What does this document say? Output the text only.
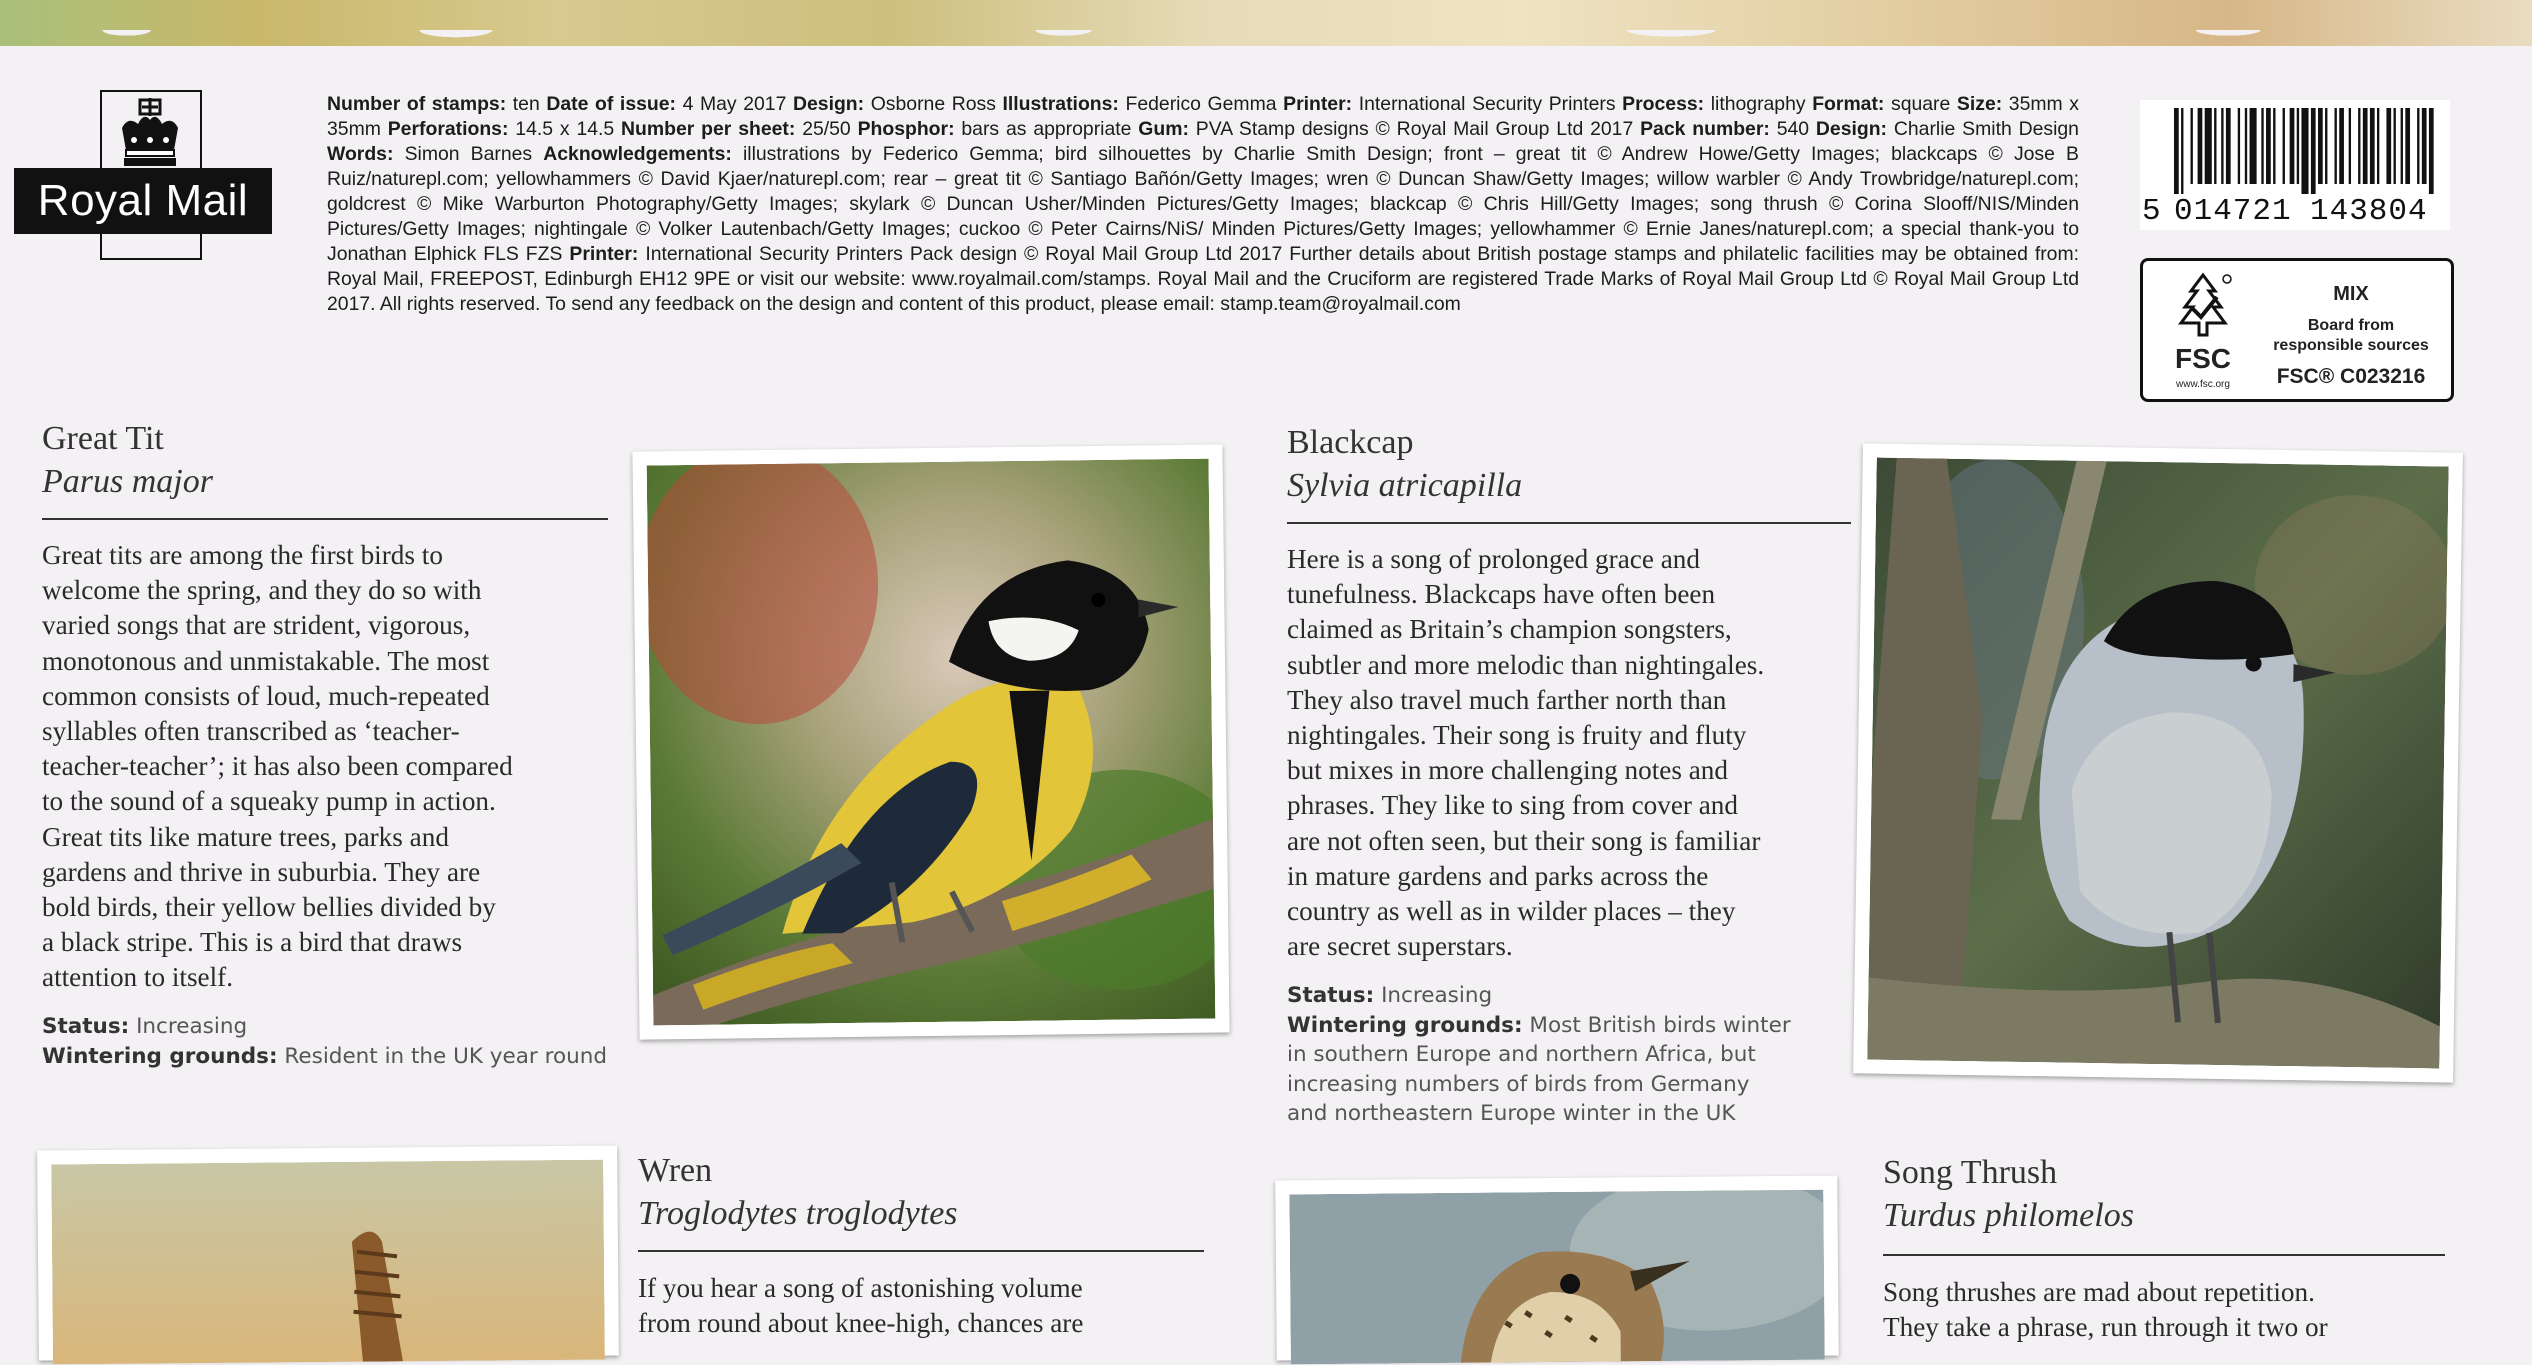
Royal Mail
Number of stamps: ten Date of issue: 4 May 2017 Design: Osborne Ross Illustrations: Federico Gemma Printer: International Security Printers Process: lithography Format: square Size: 35mm x 35mm Perforations: 14.5 x 14.5 Number per sheet: 25/50 Phosphor: bars as appropriate Gum: PVA Stamp designs © Royal Mail Group Ltd 2017 Pack number: 540 Design: Charlie Smith Design Words: Simon Barnes Acknowledgements: illustrations by Federico Gemma; bird silhouettes by Charlie Smith Design; front – great tit © Andrew Howe/Getty Images; blackcaps © Jose B Ruiz/naturepl.com; yellowhammers © David Kjaer/naturepl.com; rear – great tit © Santiago Bañón/Getty Images; wren © Duncan Shaw/Getty Images; willow warbler © Andy Trowbridge/naturepl.com; goldcrest © Mike Warburton Photography/Getty Images; skylark © Duncan Usher/Minden Pictures/Getty Images; blackcap © Chris Hill/Getty Images; song thrush © Corina Slooff/NIS/Minden Pictures/Getty Images; nightingale © Volker Lautenbach/Getty Images; cuckoo © Peter Cairns/NiS/ Minden Pictures/Getty Images; yellowhammer © Ernie Janes/naturepl.com; a special thank-you to Jonathan Elphick FLS FZS Printer: International Security Printers Pack design © Royal Mail Group Ltd 2017 Further details about British postage stamps and philatelic facilities may be obtained from: Royal Mail, FREEPOST, Edinburgh EH12 9PE or visit our website: www.royalmail.com/stamps. Royal Mail and the Cruciform are registered Trade Marks of Royal Mail Group Ltd © Royal Mail Group Ltd 2017. All rights reserved. To send any feedback on the design and content of this product, please email: stamp.team@royalmail.com
5 014721 143804
FSC
www.fsc.org
MIX
Board from
responsible sources
FSC® C023216
Great Tit
Parus major
Great tits are among the first birds to
welcome the spring, and they do so with
varied songs that are strident, vigorous,
monotonous and unmistakable. The most
common consists of loud, much-repeated
syllables often transcribed as ‘teacher-
teacher-teacher’; it has also been compared
to the sound of a squeaky pump in action.
Great tits like mature trees, parks and
gardens and thrive in suburbia. They are
bold birds, their yellow bellies divided by
a black stripe. This is a bird that draws
attention to itself.
Status: Increasing
Wintering grounds: Resident in the UK year round
Blackcap
Sylvia atricapilla
Here is a song of prolonged grace and
tunefulness. Blackcaps have often been
claimed as Britain’s champion songsters,
subtler and more melodic than nightingales.
They also travel much farther north than
nightingales. Their song is fruity and fluty
but mixes in more challenging notes and
phrases. They like to sing from cover and
are not often seen, but their song is familiar
in mature gardens and parks across the
country as well as in wilder places – they
are secret superstars.
Status: Increasing
Wintering grounds: Most British birds winter
in southern Europe and northern Africa, but
increasing numbers of birds from Germany
and northeastern Europe winter in the UK
Wren
Troglodytes troglodytes
If you hear a song of astonishing volume
from round about knee-high, chances are
Song Thrush
Turdus philomelos
Song thrushes are mad about repetition.
They take a phrase, run through it two or
